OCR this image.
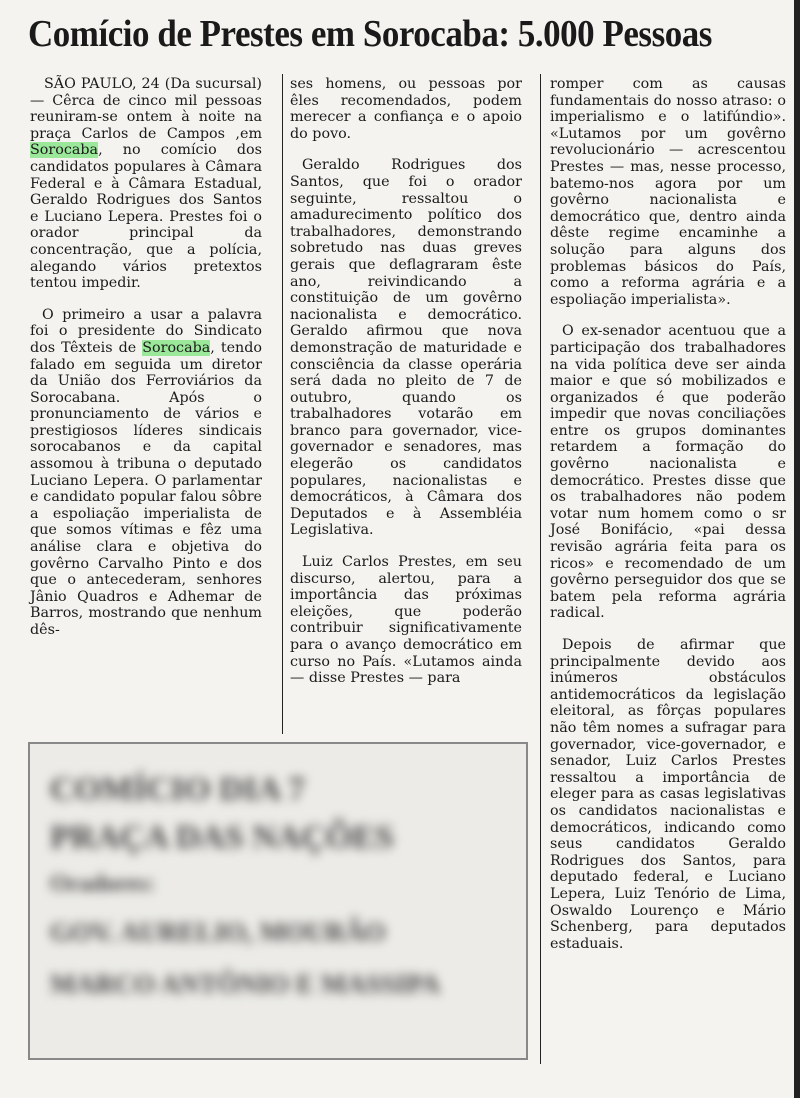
Comício de Prestes em Sorocaba: 5.000 Pessoas

SÃO PAULO, 24 (Da sucursal) — Cêrca de cinco mil pessoas reuniram-se ontem à noite na praça Carlos de Campos ,em Sorocaba, no comício dos candidatos populares à Câmara Federal e à Câmara Estadual, Geraldo Rodrigues dos Santos e Luciano Lepera. Prestes foi o orador principal da concentração, que a polícia, alegando vários pretextos tentou impedir.

O primeiro a usar a palavra foi o presidente do Sindicato dos Têxteis de Sorocaba, tendo falado em seguida um diretor da União dos Ferroviários da Sorocabana. Após o pronunciamento de vários e prestigiosos líderes sindicais sorocabanos e da capital assomou à tribuna o deputado Luciano Lepera. O parlamentar e candidato popular falou sôbre a espoliação imperialista de que somos vítimas e fêz uma análise clara e objetiva do govêrno Carvalho Pinto e dos que o antecederam, senhores Jânio Quadros e Adhemar de Barros, mostrando que nenhum dês-

ses homens, ou pessoas por êles recomendados, podem merecer a confiança e o apoio do povo.

Geraldo Rodrigues dos Santos, que foi o orador seguinte, ressaltou o amadurecimento político dos trabalhadores, demonstrando sobretudo nas duas greves gerais que deflagraram êste ano, reivindicando a constituição de um govêrno nacionalista e democrático. Geraldo afirmou que nova demonstração de maturidade e consciência da classe operária será dada no pleito de 7 de outubro, quando os trabalhadores votarão em branco para governador, vice-governador e senadores, mas elegerão os candidatos populares, nacionalistas e democráticos, à Câmara dos Deputados e à Assembléia Legislativa.

Luiz Carlos Prestes, em seu discurso, alertou, para a importância das próximas eleições, que poderão contribuir significativamente para o avanço democrático em curso no País. «Lutamos ainda — disse Prestes — para

romper com as causas fundamentais do nosso atraso: o imperialismo e o latifúndio». «Lutamos por um govêrno revolucionário — acrescentou Prestes — mas, nesse processo, batemo-nos agora por um govêrno nacionalista e democrático que, dentro ainda dêste regime encaminhe a solução para alguns dos problemas básicos do País, como a reforma agrária e a espoliação imperialista».

O ex-senador acentuou que a participação dos trabalhadores na vida política deve ser ainda maior e que só mobilizados e organizados é que poderão impedir que novas conciliações entre os grupos dominantes retardem a formação do govêrno nacionalista e democrático. Prestes disse que os trabalhadores não podem votar num homem como o sr José Bonifácio, «pai dessa revisão agrária feita para os ricos» e recomendado de um govêrno perseguidor dos que se batem pela reforma agrária radical.

Depois de afirmar que principalmente devido aos inúmeros obstáculos antidemocráticos da legislação eleitoral, as fôrças populares não têm nomes a sufragar para governador, vice-governador, e senador, Luiz Carlos Prestes ressaltou a importância de eleger para as casas legislativas os candidatos nacionalistas e democráticos, indicando como seus candidatos Geraldo Rodrigues dos Santos, para deputado federal, e Luciano Lepera, Luiz Tenório de Lima, Oswaldo Lourenço e Mário Schenberg, para deputados estaduais.

COMÍCIO DIA 7
PRAÇA DAS NAÇÕES
Oradores:
GOV. AURELIO, MOURÃO
MARCO ANTÔNIO E MASSIPA
